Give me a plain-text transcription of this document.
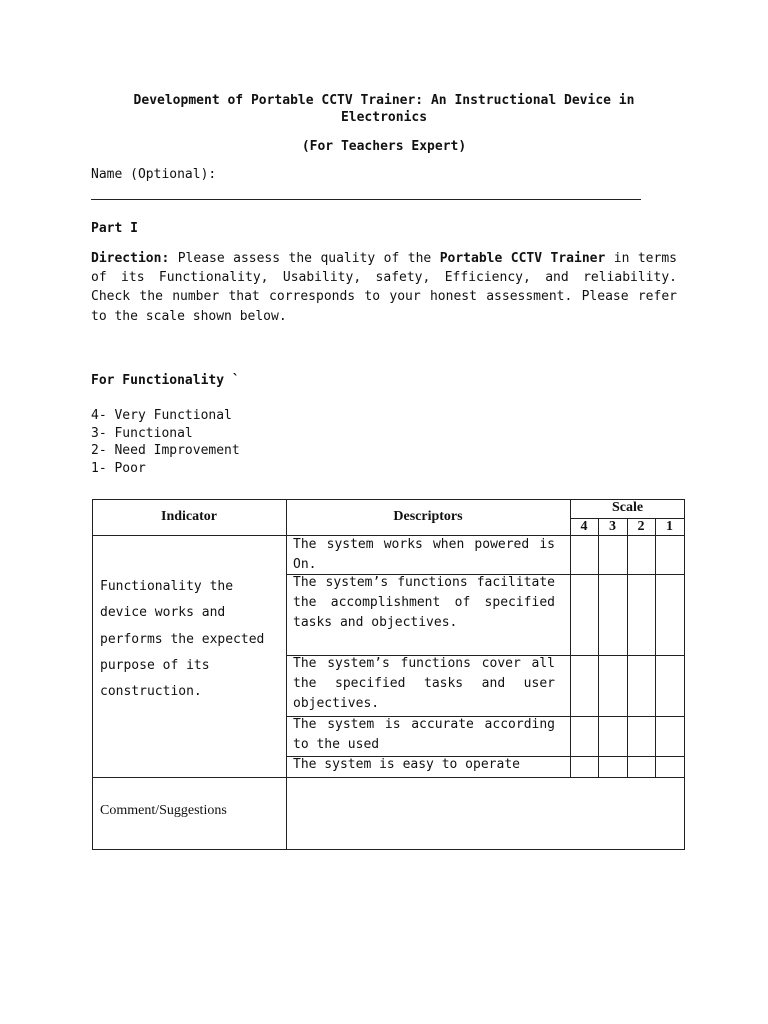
Development of Portable CCTV Trainer: An Instructional Device in
Electronics
(For Teachers Expert)
Name (Optional):
Part I
Direction: Please assess the quality of the Portable CCTV Trainer in terms of its Functionality, Usability, safety, Efficiency, and reliability. Check the number that corresponds to your honest assessment. Please refer to the scale shown below.
For Functionality `
4- Very Functional
3- Functional
2- Need Improvement
1- Poor
Indicator	Descriptors
Scale
4	3	2	1
Functionality the device works and performs the expected purpose of its construction.
The system works when powered is On.
The system’s functions facilitate the accomplishment of specified tasks and objectives.
The system’s functions cover all the specified tasks and user objectives.
The system is accurate according to the used
The system is easy to operate
Comment/Suggestions
